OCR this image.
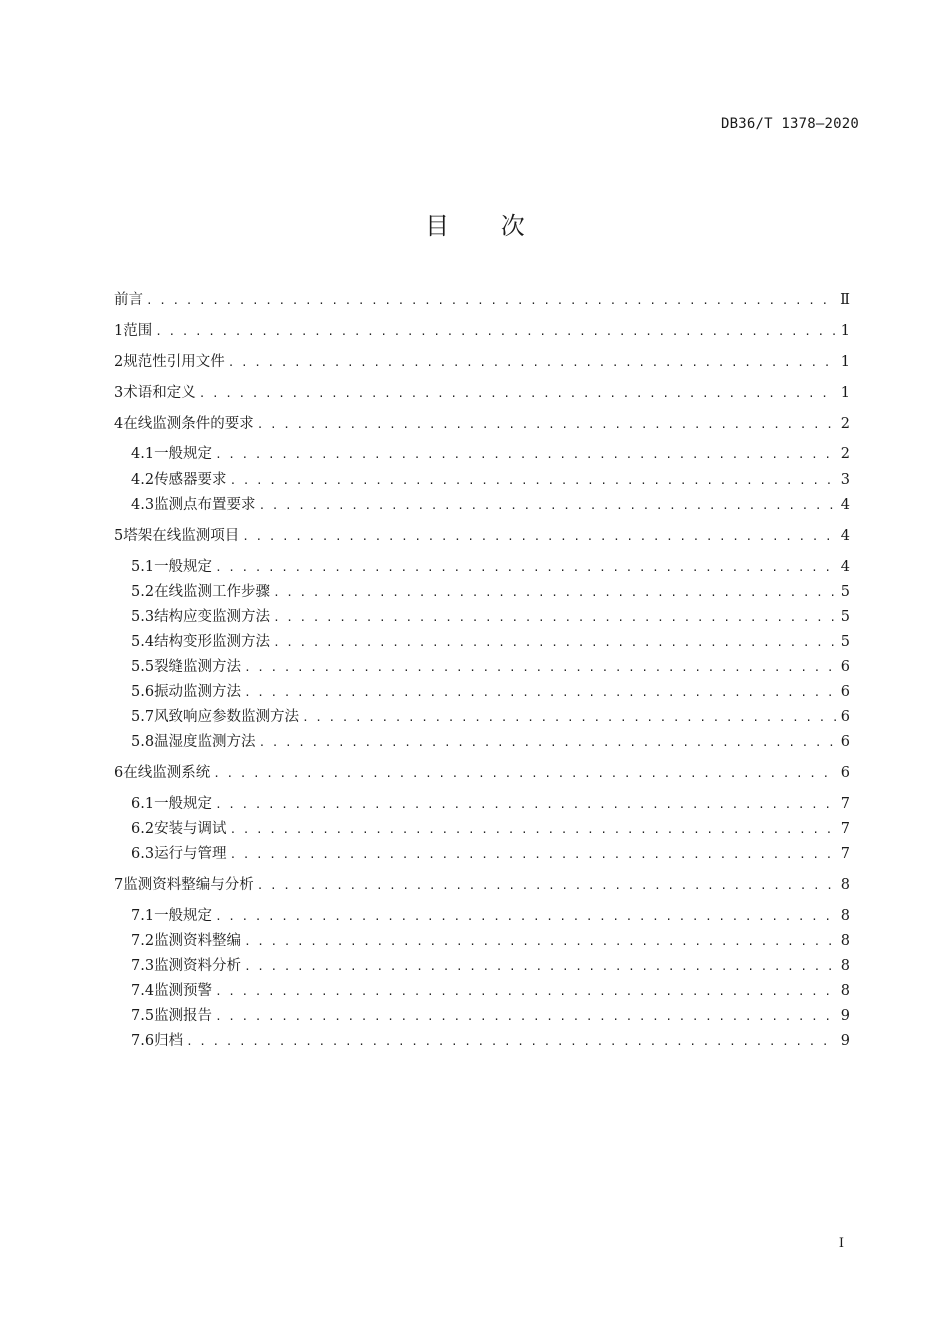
DB36/T 1378—2020
目 次
前言 . . .	Ⅱ
1 范围 . . .	1
2 规范性引用文件 . . .	1
3 术语和定义 . . .	1
4 在线监测条件的要求 . . .	2
4.1 一般规定 . . .	2
4.2 传感器要求 . . .	3
4.3 监测点布置要求 . . .	4
5 塔架在线监测项目 . . .	4
5.1 一般规定 . . .	4
5.2 在线监测工作步骤 . . .	5
5.3 结构应变监测方法 . . .	5
5.4 结构变形监测方法 . . .	5
5.5 裂缝监测方法 . . .	6
5.6 振动监测方法 . . .	6
5.7 风致响应参数监测方法 . . .	6
5.8 温湿度监测方法 . . .	6
6 在线监测系统 . . .	6
6.1 一般规定 . . .	7
6.2 安装与调试 . . .	7
6.3 运行与管理 . . .	7
7 监测资料整编与分析 . . .	8
7.1 一般规定 . . .	8
7.2 监测资料整编 . . .	8
7.3 监测资料分析 . . .	8
7.4 监测预警 . . .	8
7.5 监测报告 . . .	9
7.6 归档 . . .	9
I
